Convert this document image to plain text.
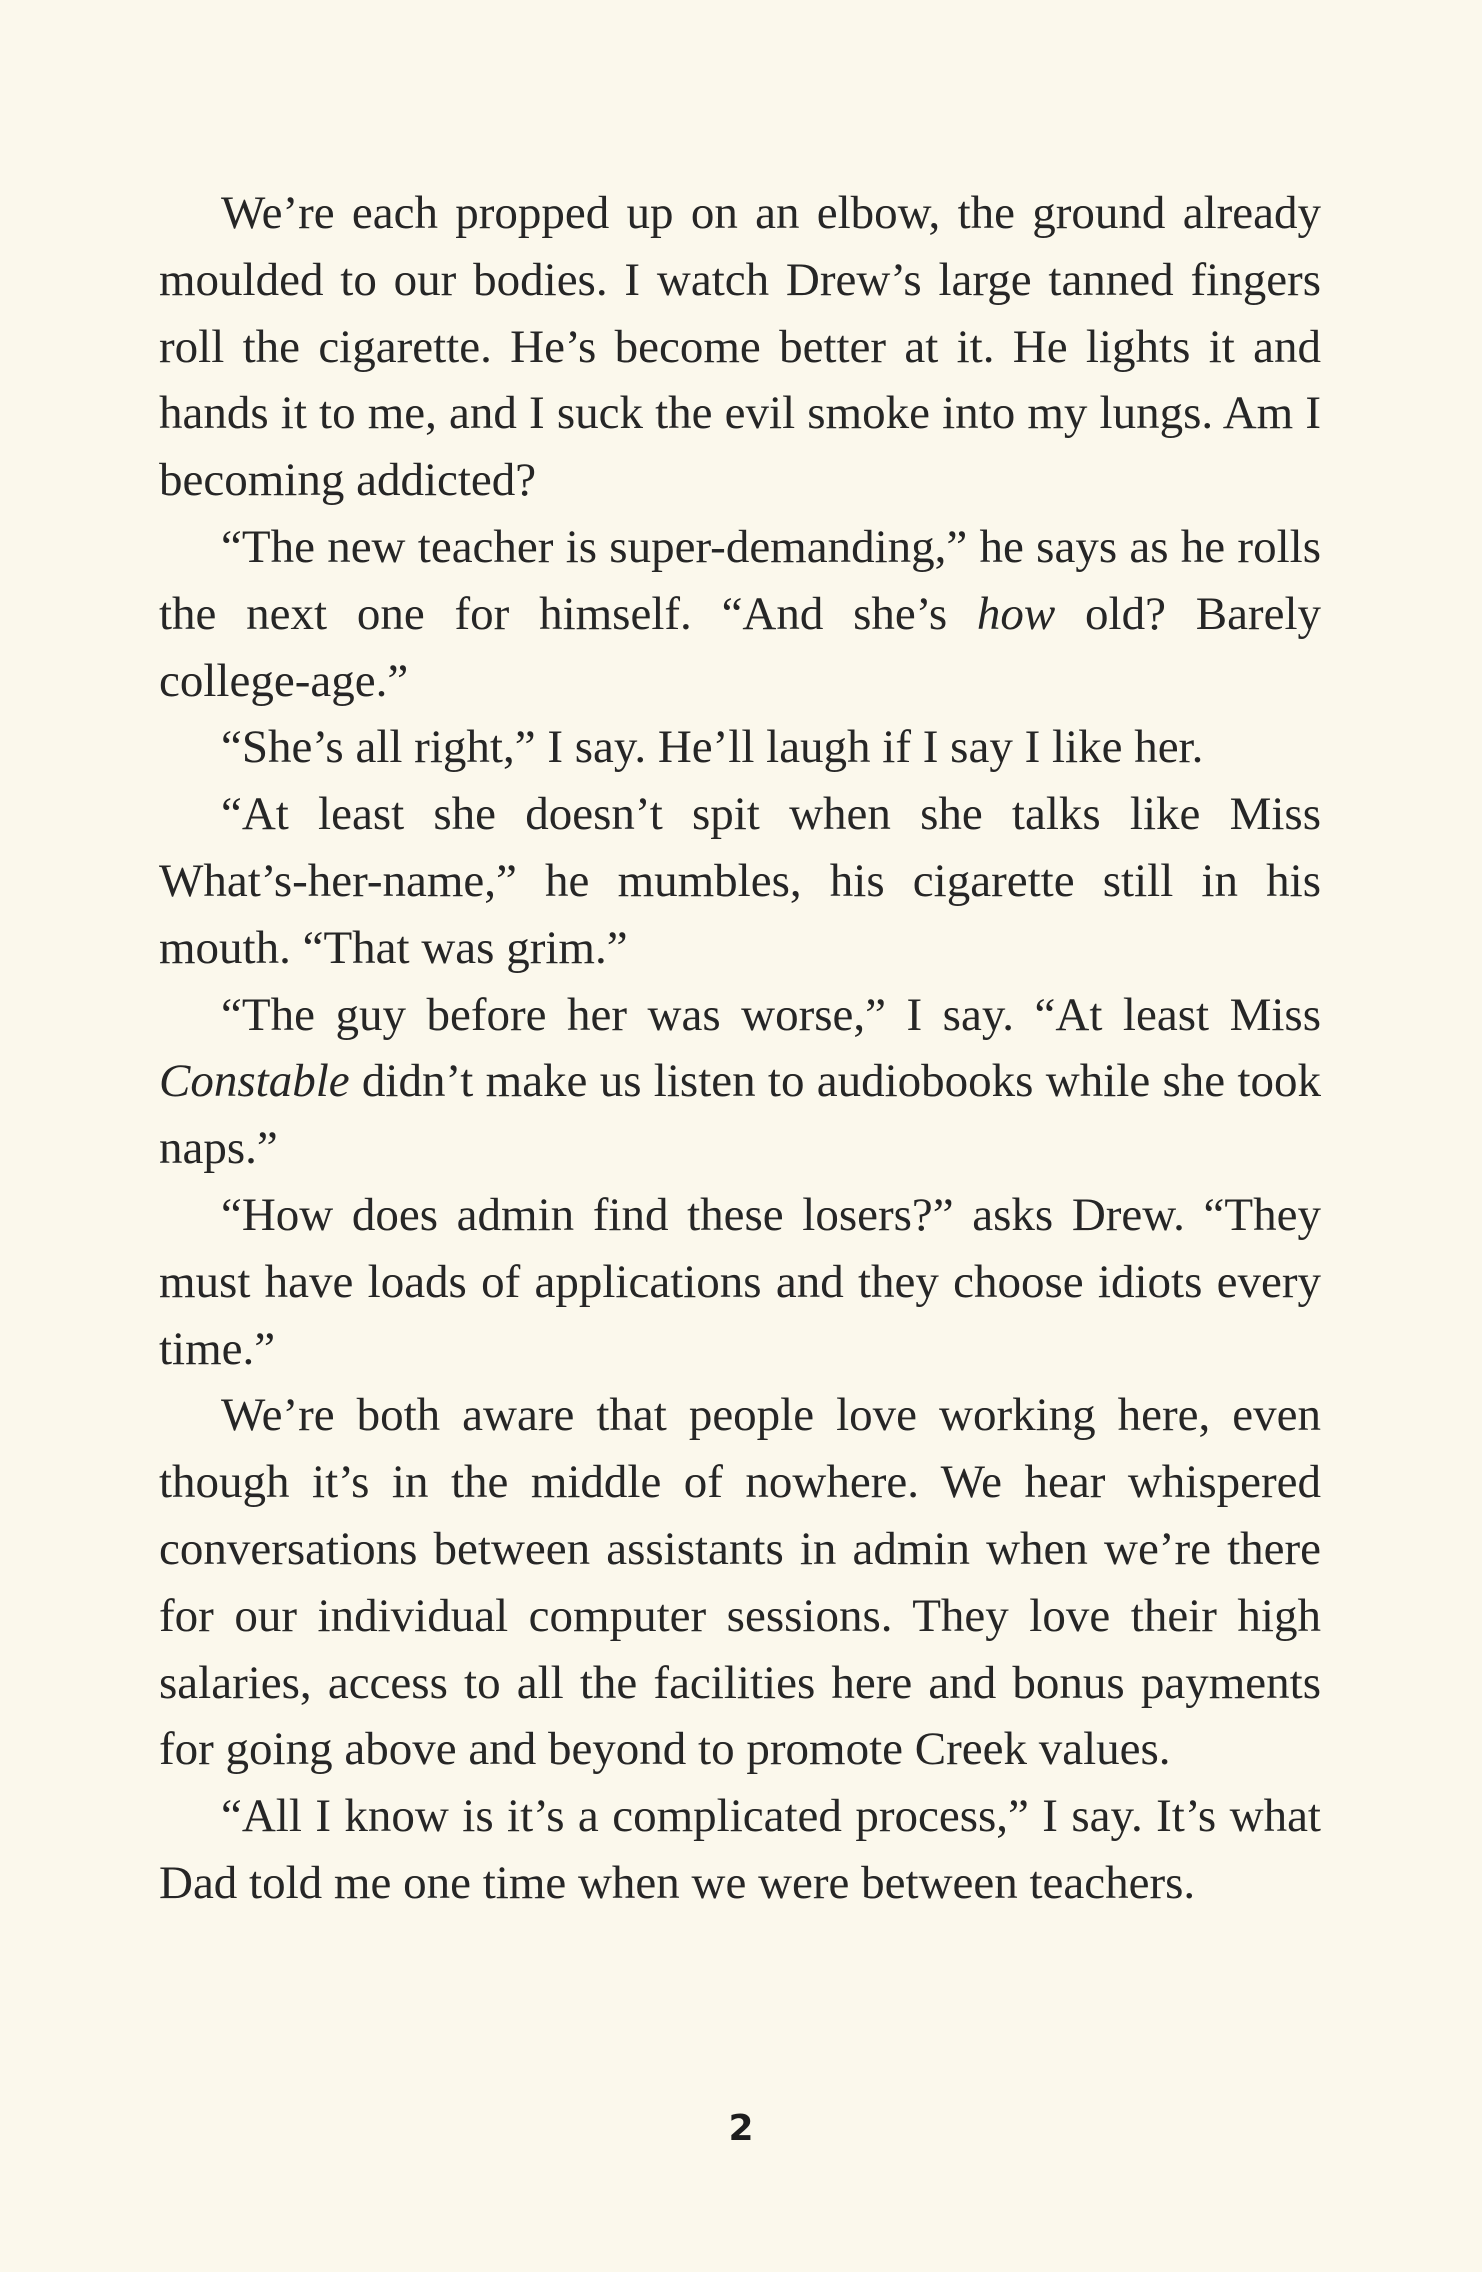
We’re each propped up on an elbow, the ground already moulded to our bodies. I watch Drew’s large tanned fingers roll the cigarette. He’s become better at it. He lights it and hands it to me, and I suck the evil smoke into my lungs. Am I becoming addicted?

“The new teacher is super-demanding,” he says as he rolls the next one for himself. “And she’s how old? Barely college-age.”

“She’s all right,” I say. He’ll laugh if I say I like her.

“At least she doesn’t spit when she talks like Miss What’s-her-name,” he mumbles, his cigarette still in his mouth. “That was grim.”

“The guy before her was worse,” I say. “At least Miss Constable didn’t make us listen to audiobooks while she took naps.”

“How does admin find these losers?” asks Drew. “They must have loads of applications and they choose idiots every time.”

We’re both aware that people love working here, even though it’s in the middle of nowhere. We hear whispered conversations between assistants in admin when we’re there for our individual computer sessions. They love their high salaries, access to all the facilities here and bonus payments for going above and beyond to promote Creek values.

“All I know is it’s a complicated process,” I say. It’s what Dad told me one time when we were between teachers.

2
